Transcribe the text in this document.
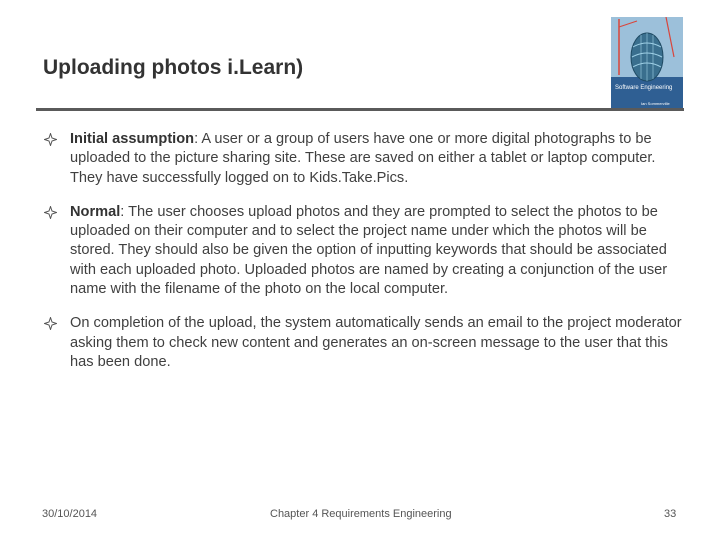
Uploading photos i.Learn)
Software Engineering
Ian Sommerville
Initial assumption: A user or a group of users have one or more digital photographs to be uploaded to the picture sharing site. These are saved on either a tablet or laptop computer. They have successfully logged on to Kids.Take.Pics.
Normal: The user chooses upload photos and they are prompted to select the photos to be uploaded on their computer and to select the project name under which the photos will be stored. They should also be given the option of inputting keywords that should be associated with each uploaded photo. Uploaded photos are named by creating a conjunction of the user name with the filename of the photo on the local computer.
On completion of the upload, the system automatically sends an email to the project moderator asking them to check new content and generates an on-screen message to the user that this has been done.
30/10/2014	Chapter 4 Requirements Engineering	33
